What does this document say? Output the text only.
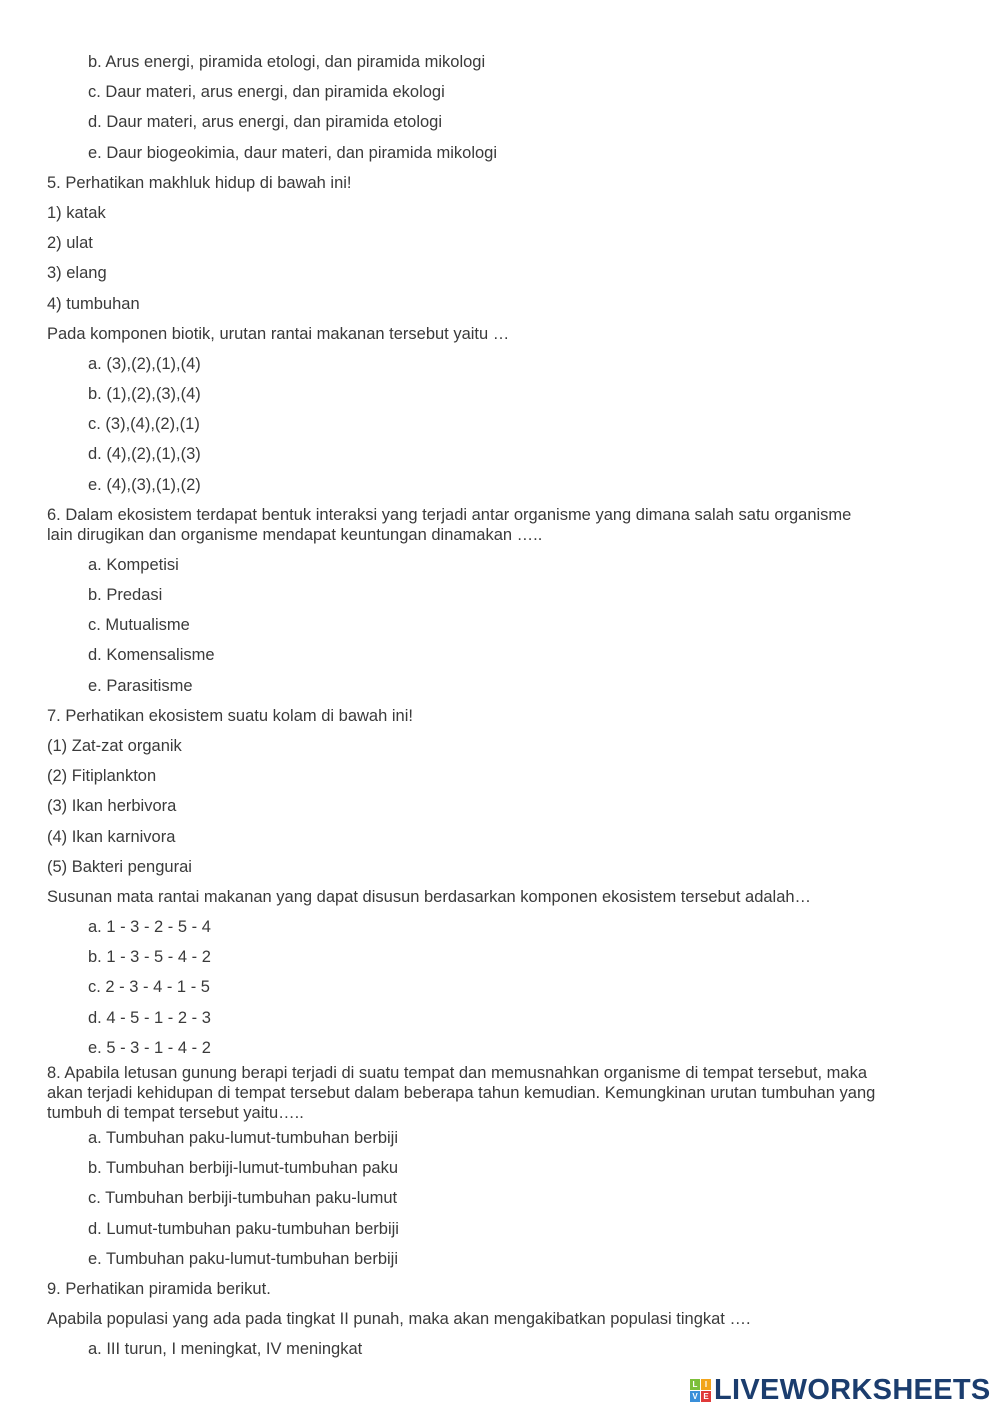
b. Arus energi, piramida etologi, dan piramida mikologi
c. Daur materi, arus energi, dan piramida ekologi
d. Daur materi, arus energi, dan piramida etologi
e. Daur biogeokimia, daur materi, dan piramida mikologi
5. Perhatikan makhluk hidup di bawah ini!
1) katak
2) ulat
3) elang
4) tumbuhan
Pada komponen biotik, urutan rantai makanan tersebut yaitu …
a. (3),(2),(1),(4)
b. (1),(2),(3),(4)
c. (3),(4),(2),(1)
d. (4),(2),(1),(3)
e. (4),(3),(1),(2)
6. Dalam ekosistem terdapat bentuk interaksi yang terjadi antar organisme yang dimana salah satu organisme
lain dirugikan dan organisme mendapat keuntungan dinamakan …..
a. Kompetisi
b. Predasi
c. Mutualisme
d. Komensalisme
e. Parasitisme
7. Perhatikan ekosistem suatu kolam di bawah ini!
(1) Zat-zat organik
(2) Fitiplankton
(3) Ikan herbivora
(4) Ikan karnivora
(5) Bakteri pengurai
Susunan mata rantai makanan yang dapat disusun berdasarkan komponen ekosistem tersebut adalah…
a. 1 - 3 - 2 - 5 - 4
b. 1 - 3 - 5 - 4 - 2
c. 2 - 3 - 4 - 1 - 5
d. 4 - 5 - 1 - 2 - 3
e. 5 - 3 - 1 - 4 - 2
8. Apabila letusan gunung berapi terjadi di suatu tempat dan memusnahkan organisme di tempat tersebut, maka
akan terjadi kehidupan di tempat tersebut dalam beberapa tahun kemudian. Kemungkinan urutan tumbuhan yang
tumbuh di tempat tersebut yaitu…..
a. Tumbuhan paku-lumut-tumbuhan berbiji
b. Tumbuhan berbiji-lumut-tumbuhan paku
c. Tumbuhan berbiji-tumbuhan paku-lumut
d. Lumut-tumbuhan paku-tumbuhan berbiji
e. Tumbuhan paku-lumut-tumbuhan berbiji
9. Perhatikan piramida berikut.
Apabila populasi yang ada pada tingkat II punah, maka akan mengakibatkan populasi tingkat ….
a. III turun, I meningkat, IV meningkat
L I
V E LIVEWORKSHEETS
